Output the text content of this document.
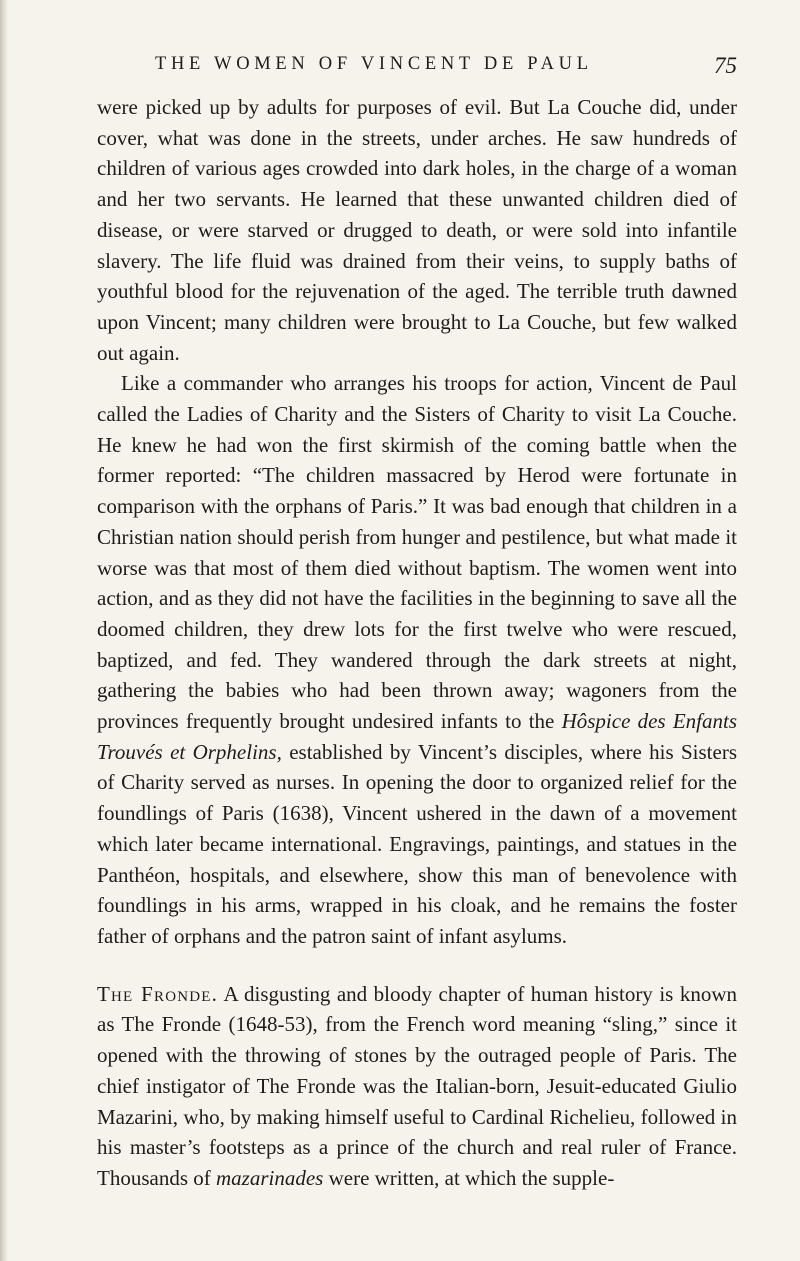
THE WOMEN OF VINCENT DE PAUL	75

were picked up by adults for purposes of evil. But La Couche did, under cover, what was done in the streets, under arches. He saw hundreds of children of various ages crowded into dark holes, in the charge of a woman and her two servants. He learned that these unwanted children died of disease, or were starved or drugged to death, or were sold into infantile slavery. The life fluid was drained from their veins, to supply baths of youthful blood for the rejuvenation of the aged. The terrible truth dawned upon Vincent; many children were brought to La Couche, but few walked out again.

Like a commander who arranges his troops for action, Vincent de Paul called the Ladies of Charity and the Sisters of Charity to visit La Couche. He knew he had won the first skirmish of the coming battle when the former reported: “The children massacred by Herod were fortunate in comparison with the orphans of Paris.” It was bad enough that children in a Christian nation should perish from hunger and pestilence, but what made it worse was that most of them died without baptism. The women went into action, and as they did not have the facilities in the beginning to save all the doomed children, they drew lots for the first twelve who were rescued, baptized, and fed. They wandered through the dark streets at night, gathering the babies who had been thrown away; wagoners from the provinces frequently brought undesired infants to the Hôspice des Enfants Trouvés et Orphelins, established by Vincent’s disciples, where his Sisters of Charity served as nurses. In opening the door to organized relief for the foundlings of Paris (1638), Vincent ushered in the dawn of a movement which later became international. Engravings, paintings, and statues in the Panthéon, hospitals, and elsewhere, show this man of benevolence with foundlings in his arms, wrapped in his cloak, and he remains the foster father of orphans and the patron saint of infant asylums.

The Fronde. A disgusting and bloody chapter of human history is known as The Fronde (1648-53), from the French word meaning “sling,” since it opened with the throwing of stones by the outraged people of Paris. The chief instigator of The Fronde was the Italian-born, Jesuit-educated Giulio Mazarini, who, by making himself useful to Cardinal Richelieu, followed in his master’s footsteps as a prince of the church and real ruler of France. Thousands of mazarinades were written, at which the supple-
